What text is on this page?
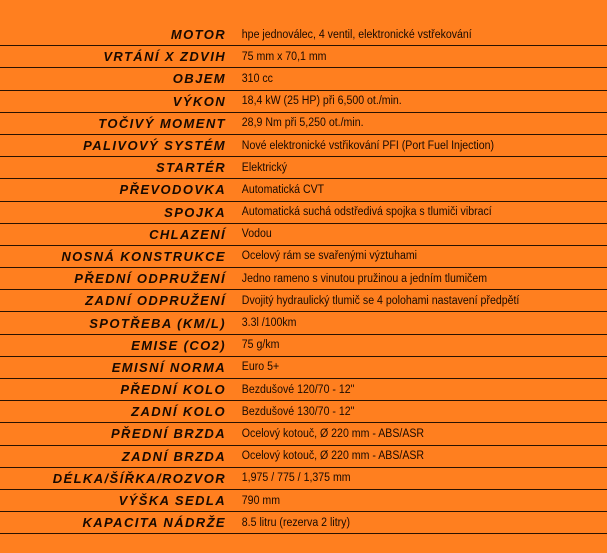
MOTOR	hpe jednoválec, 4 ventil, elektronické vstřekování
VRTÁNÍ X ZDVIH	75 mm x 70,1 mm
OBJEM	310 cc
VÝKON	18,4 kW (25 HP) při 6,500 ot./min.
TOČIVÝ MOMENT	28,9 Nm při 5,250 ot./min.
PALIVOVÝ SYSTÉM	Nové elektronické vstřikování PFI (Port Fuel Injection)
STARTÉR	Elektrický
PŘEVODOVKA	Automatická CVT
SPOJKA	Automatická suchá odstředivá spojka s tlumiči vibrací
CHLAZENÍ	Vodou
NOSNÁ KONSTRUKCE	Ocelový rám se svařenými výztuhami
PŘEDNÍ ODPRUŽENÍ	Jedno rameno s vinutou pružinou a jedním tlumičem
ZADNÍ ODPRUŽENÍ	Dvojitý hydraulický tlumič se 4 polohami nastavení předpětí
SPOTŘEBA (KM/L)	3.3l /100km
EMISE (CO2)	75 g/km
EMISNÍ NORMA	Euro 5+
PŘEDNÍ KOLO	Bezdušové 120/70 - 12"
ZADNÍ KOLO	Bezdušové 130/70 - 12"
PŘEDNÍ BRZDA	Ocelový kotouč, Ø 220 mm - ABS/ASR
ZADNÍ BRZDA	Ocelový kotouč, Ø 220 mm - ABS/ASR
DÉLKA/ŠÍŘKA/ROZVOR	1,975 / 775 / 1,375 mm
VÝŠKA SEDLA	790 mm
KAPACITA NÁDRŽE	8.5 litru (rezerva 2 litry)
